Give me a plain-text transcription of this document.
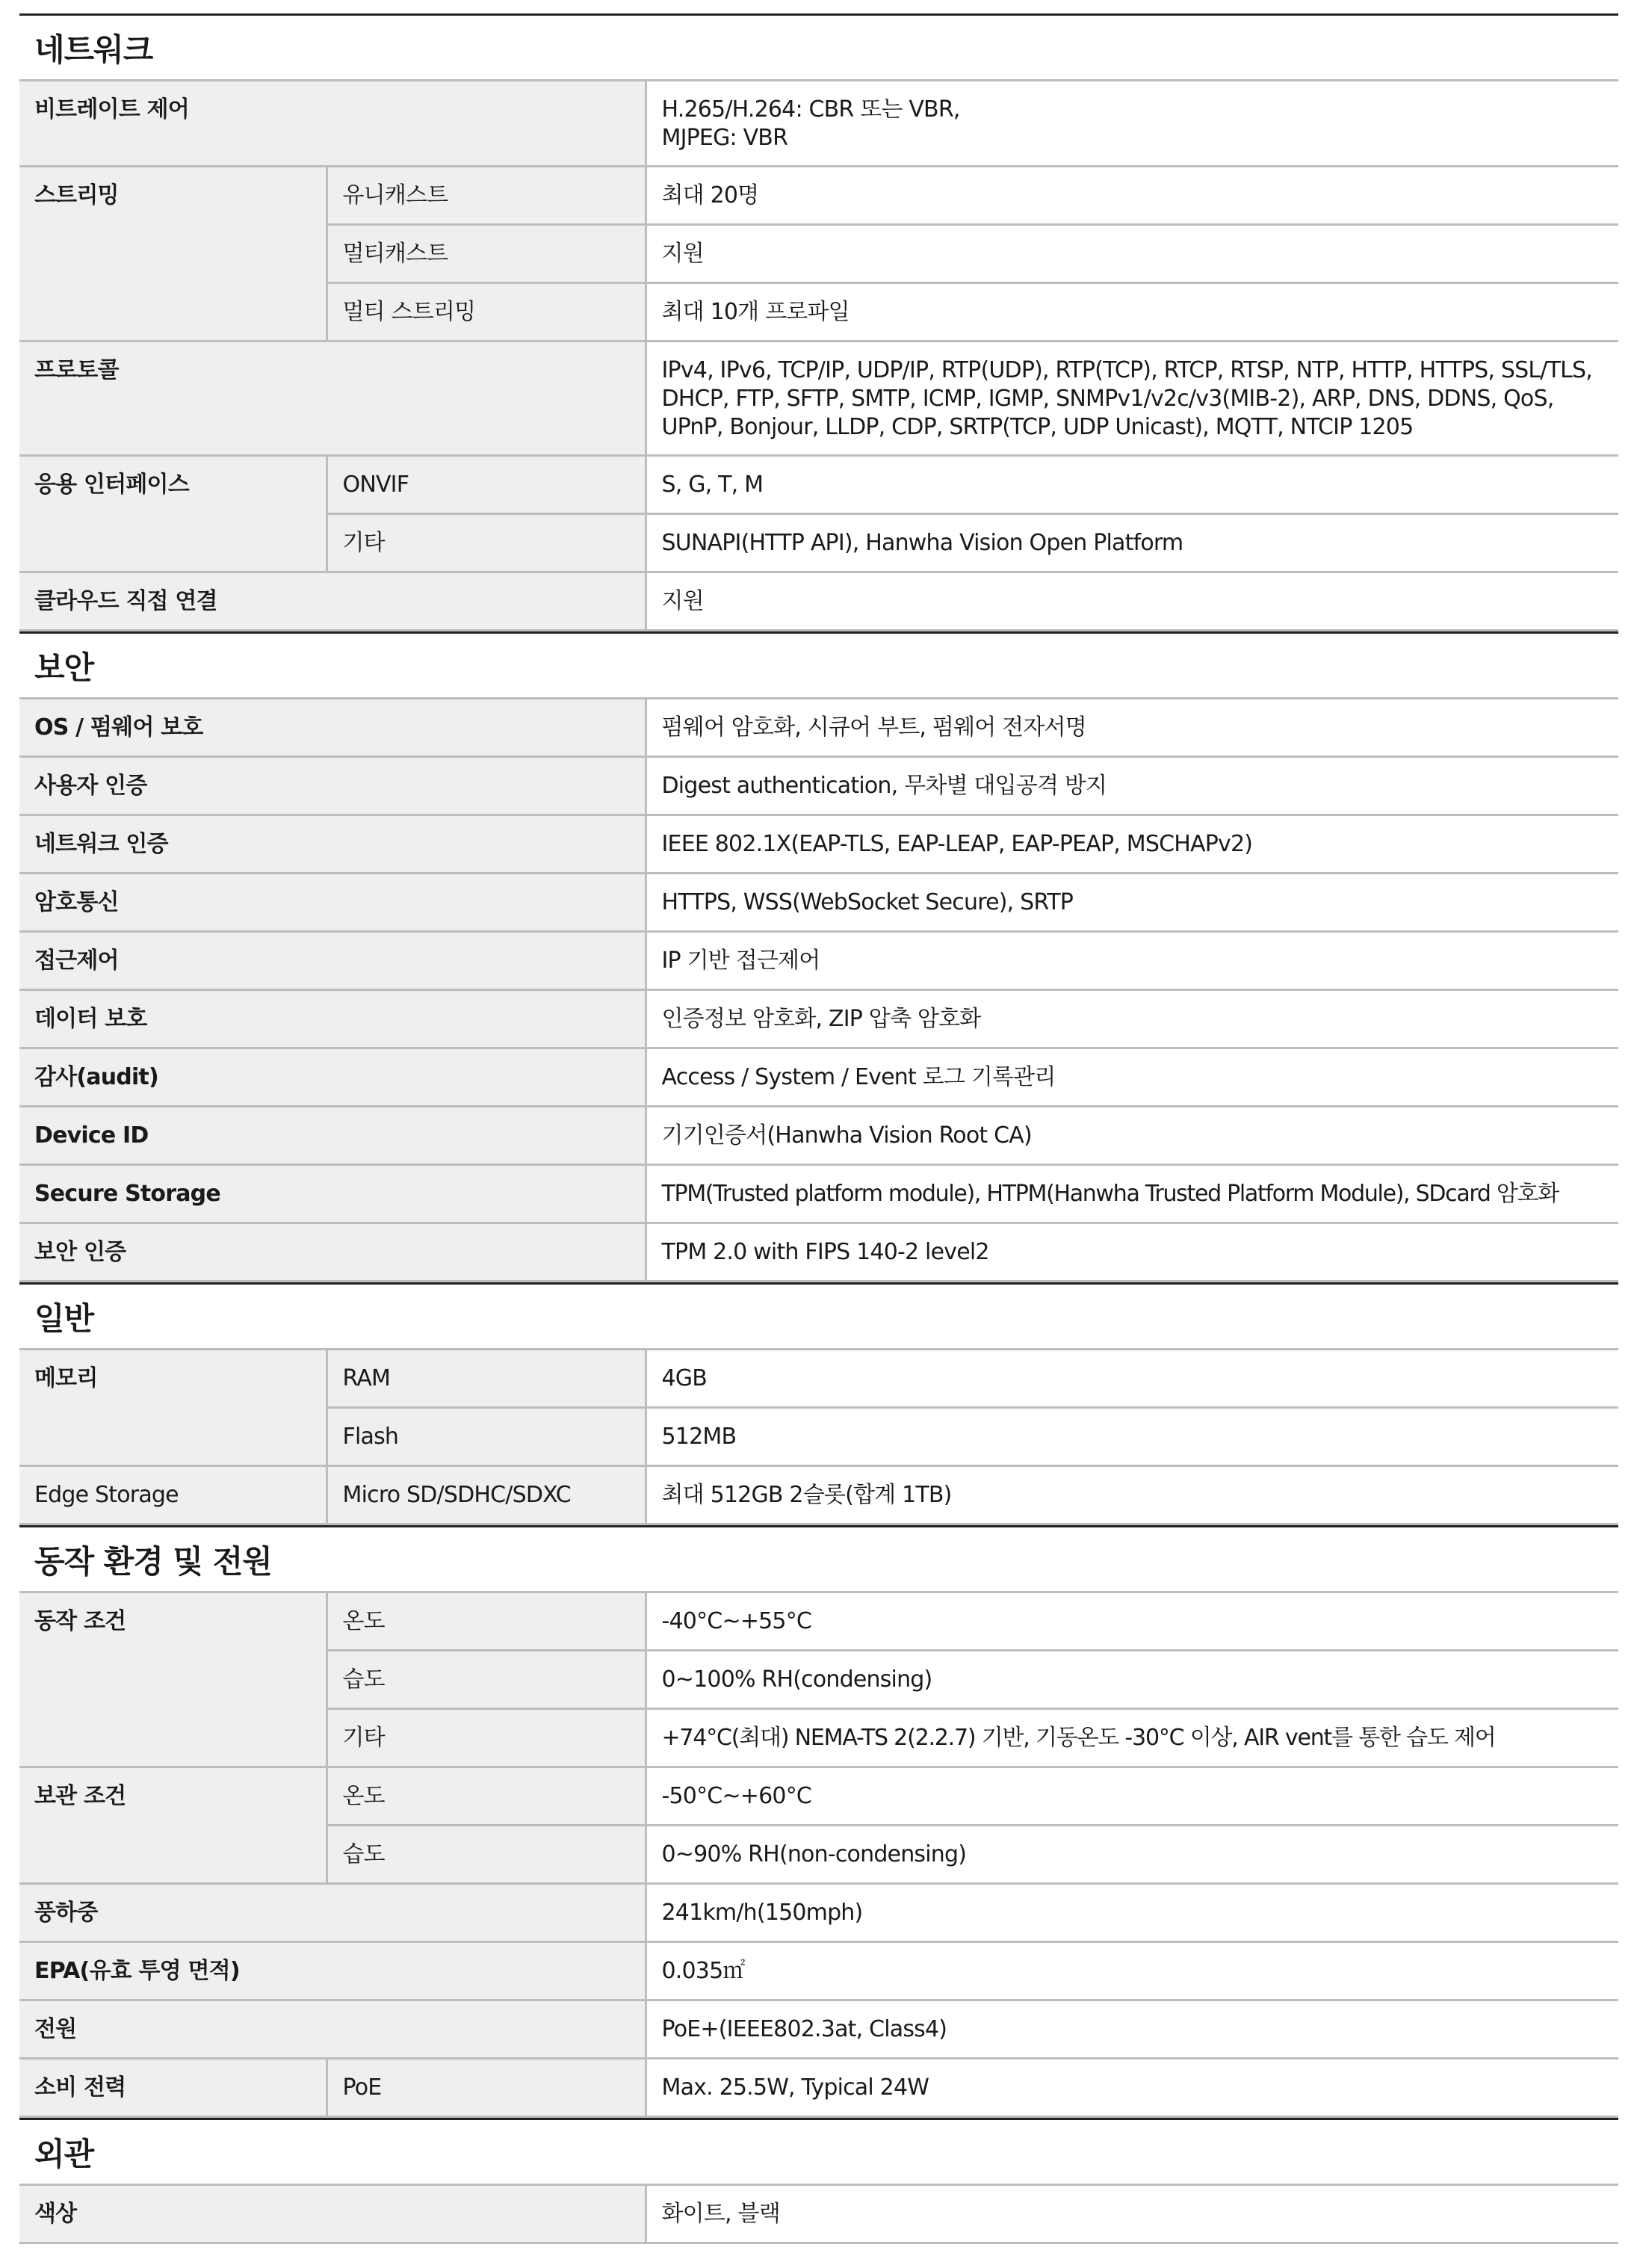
네트워크
비트레이트 제어		H.265/H.264: CBR 또는 VBR,
MJPEG: VBR
스트리밍	유니캐스트	최대 20명
	멀티캐스트	지원
	멀티 스트리밍	최대 10개 프로파일
프로토콜		IPv4, IPv6, TCP/IP, UDP/IP, RTP(UDP), RTP(TCP), RTCP, RTSP, NTP, HTTP, HTTPS, SSL/TLS, DHCP, FTP, SFTP, SMTP, ICMP, IGMP, SNMPv1/v2c/v3(MIB-2), ARP, DNS, DDNS, QoS, UPnP, Bonjour, LLDP, CDP, SRTP(TCP, UDP Unicast), MQTT, NTCIP 1205
응용 인터페이스	ONVIF	S, G, T, M
	기타	SUNAPI(HTTP API), Hanwha Vision Open Platform
클라우드 직접 연결		지원
보안
OS / 펌웨어 보호	펌웨어 암호화, 시큐어 부트, 펌웨어 전자서명
사용자 인증	Digest authentication, 무차별 대입공격 방지
네트워크 인증	IEEE 802.1X(EAP-TLS, EAP-LEAP, EAP-PEAP, MSCHAPv2)
암호통신	HTTPS, WSS(WebSocket Secure), SRTP
접근제어	IP 기반 접근제어
데이터 보호	인증정보 암호화, ZIP 압축 암호화
감사(audit)	Access / System / Event 로그 기록관리
Device ID	기기인증서(Hanwha Vision Root CA)
Secure Storage	TPM(Trusted platform module), HTPM(Hanwha Trusted Platform Module), SDcard 암호화
보안 인증	TPM 2.0 with FIPS 140-2 level2
일반
메모리	RAM	4GB
	Flash	512MB
Edge Storage	Micro SD/SDHC/SDXC	최대 512GB 2슬롯(합계 1TB)
동작 환경 및 전원
동작 조건	온도	-40°C~+55°C
	습도	0~100% RH(condensing)
	기타	+74°C(최대) NEMA-TS 2(2.2.7) 기반, 기동온도 -30°C 이상, AIR vent를 통한 습도 제어
보관 조건	온도	-50°C~+60°C
	습도	0~90% RH(non-condensing)
풍하중		241km/h(150mph)
EPA(유효 투영 면적)		0.035㎡
전원		PoE+(IEEE802.3at, Class4)
소비 전력	PoE	Max. 25.5W, Typical 24W
외관
색상	화이트, 블랙
